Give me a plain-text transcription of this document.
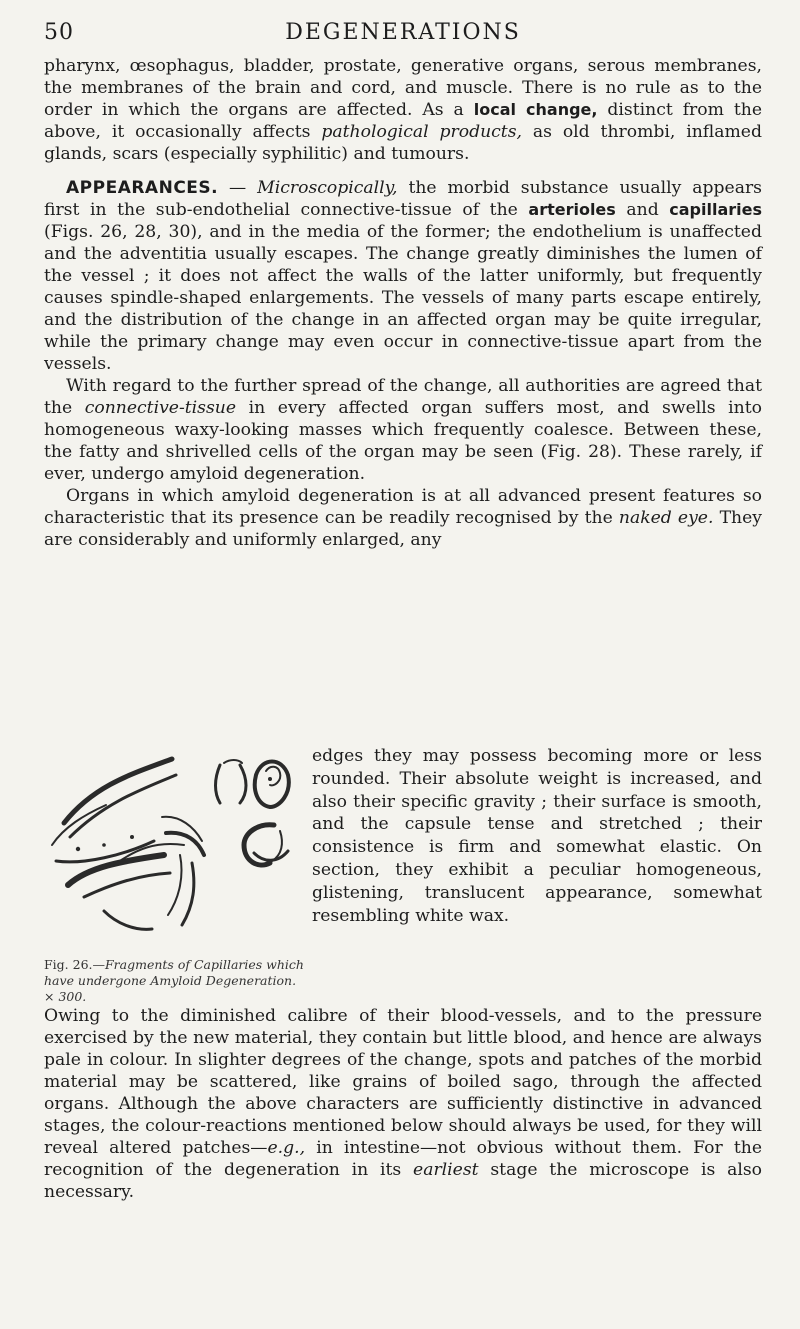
50	DEGENERATIONS

pharynx, œsophagus, bladder, prostate, generative organs, serous membranes, the membranes of the brain and cord, and muscle. There is no rule as to the order in which the organs are affected. As a local change, distinct from the above, it occasionally affects pathological products, as old thrombi, inflamed glands, scars (especially syphilitic) and tumours.

APPEARANCES. — Microscopically, the morbid substance usually appears first in the sub-endothelial connective-tissue of the arterioles and capillaries (Figs. 26, 28, 30), and in the media of the former; the endothelium is unaffected and the adventitia usually escapes. The change greatly diminishes the lumen of the vessel ; it does not affect the walls of the latter uniformly, but frequently causes spindle-shaped enlargements. The vessels of many parts escape entirely, and the distribution of the change in an affected organ may be quite irregular, while the primary change may even occur in connective-tissue apart from the vessels.

With regard to the further spread of the change, all authorities are agreed that the connective-tissue in every affected organ suffers most, and swells into homogeneous waxy-looking masses which frequently coalesce. Between these, the fatty and shrivelled cells of the organ may be seen (Fig. 28). These rarely, if ever, undergo amyloid degeneration.

Organs in which amyloid degeneration is at all advanced present features so characteristic that its presence can be readily recognised by the naked eye. They are considerably and uniformly enlarged, any

Fig. 26.—Fragments of Capillaries which have undergone Amyloid Degeneration.
× 300.

edges they may possess becoming more or less rounded. Their absolute weight is increased, and also their specific gravity ; their surface is smooth, and the capsule tense and stretched ; their consistence is firm and somewhat elastic. On section, they exhibit a peculiar homogeneous, glistening, translucent appearance, somewhat resembling white wax.

Owing to the diminished calibre of their blood-vessels, and to the pressure exercised by the new material, they contain but little blood, and hence are always pale in colour. In slighter degrees of the change, spots and patches of the morbid material may be scattered, like grains of boiled sago, through the affected organs. Although the above characters are sufficiently distinctive in advanced stages, the colour-reactions mentioned below should always be used, for they will reveal altered patches—e.g., in intestine—not obvious without them. For the recognition of the degeneration in its earliest stage the microscope is also necessary.
